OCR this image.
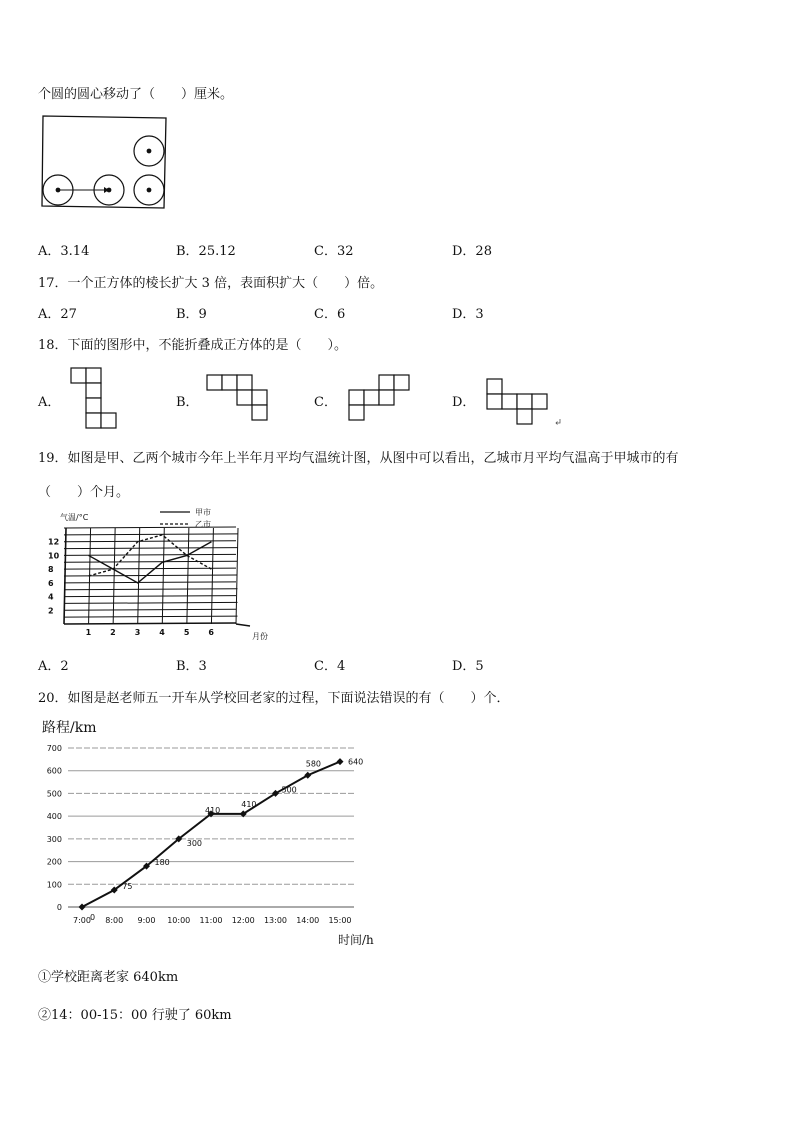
个圆的圆心移动了（　　）厘米。
A．3.14	B．25.12	C．32	D．28
17．一个正方体的棱长扩大 3 倍，表面积扩大（　　）倍。
A．27	B．9	C．6	D．3
18．下面的图形中，不能折叠成正方体的是（　　）。
A．	B．	C．	D．
19．如图是甲、乙两个城市今年上半年月平均气温统计图，从图中可以看出，乙城市月平均气温高于甲城市的有
（　　）个月。
2
4
6
8
10
12
1 2 3 4 5 6
气温/°C
月份
甲市
乙市
A．2	B．3	C．4	D．5
20．如图是赵老师五一开车从学校回老家的过程，下面说法错误的有（　　）个．
路程/km
0
100
200
300
400
500
600
700
7:00 8:00 9:00 10:00 11:00 12:00 13:00 14:00 15:00
0
75
180
300
410
410
500
580	640
时间/h
①学校距离老家 640km
②14：00-15：00 行驶了 60km
